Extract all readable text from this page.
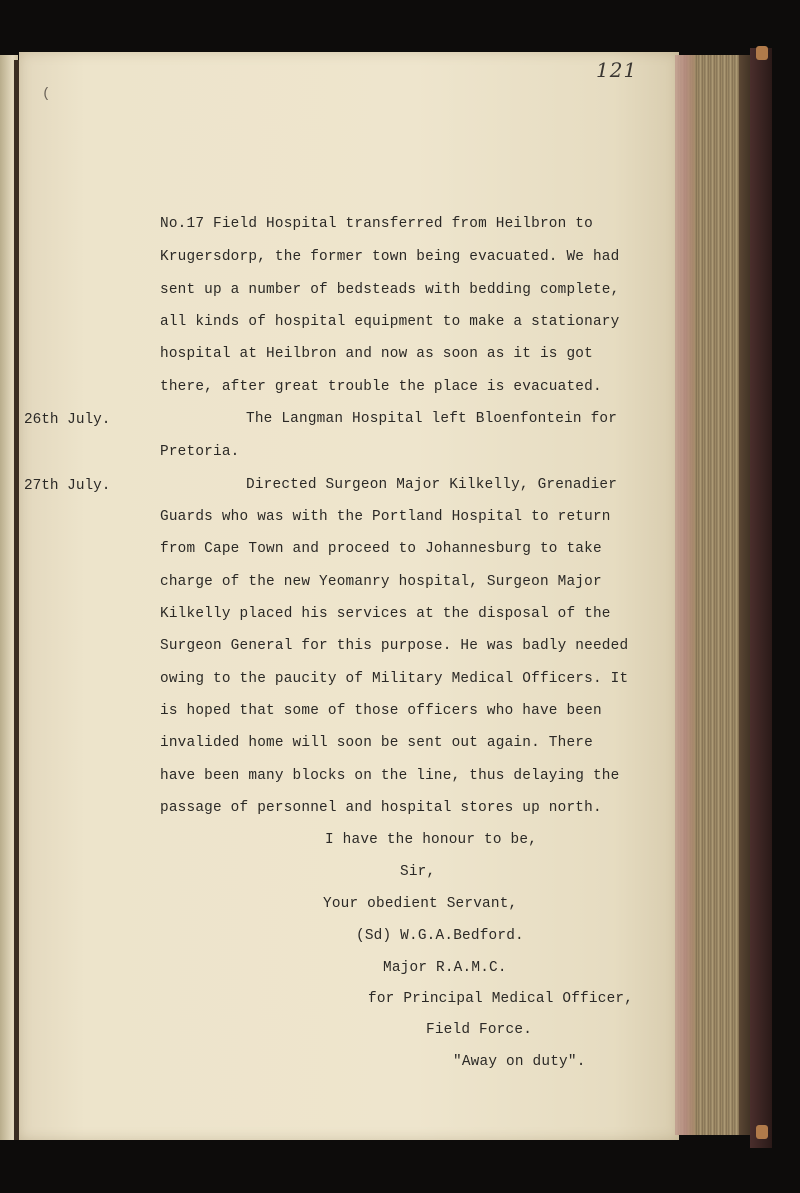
121
(
26th July.
27th July.
No.17 Field Hospital transferred from Heilbron to
Krugersdorp, the former town being evacuated. We had
sent up a number of bedsteads with bedding complete,
all kinds of hospital equipment to make a stationary
hospital at Heilbron and now as soon as it is got
there, after great trouble the place is evacuated.
The Langman Hospital left Bloenfontein for
Pretoria.
Directed Surgeon Major Kilkelly, Grenadier
Guards who was with the Portland Hospital to return
from Cape Town and proceed to Johannesburg to take
charge of the new Yeomanry hospital, Surgeon Major
Kilkelly placed his services at the disposal of the
Surgeon General for this purpose. He was badly needed
owing to the paucity of Military Medical Officers. It
is hoped that some of those officers who have been
invalided home will soon be sent out again. There
have been many blocks on the line, thus delaying the
passage of personnel and hospital stores up north.
I have the honour to be,
Sir,
Your obedient Servant,
(Sd) W.G.A.Bedford.
Major R.A.M.C.
for Principal Medical Officer,
Field Force.
"Away on duty".
